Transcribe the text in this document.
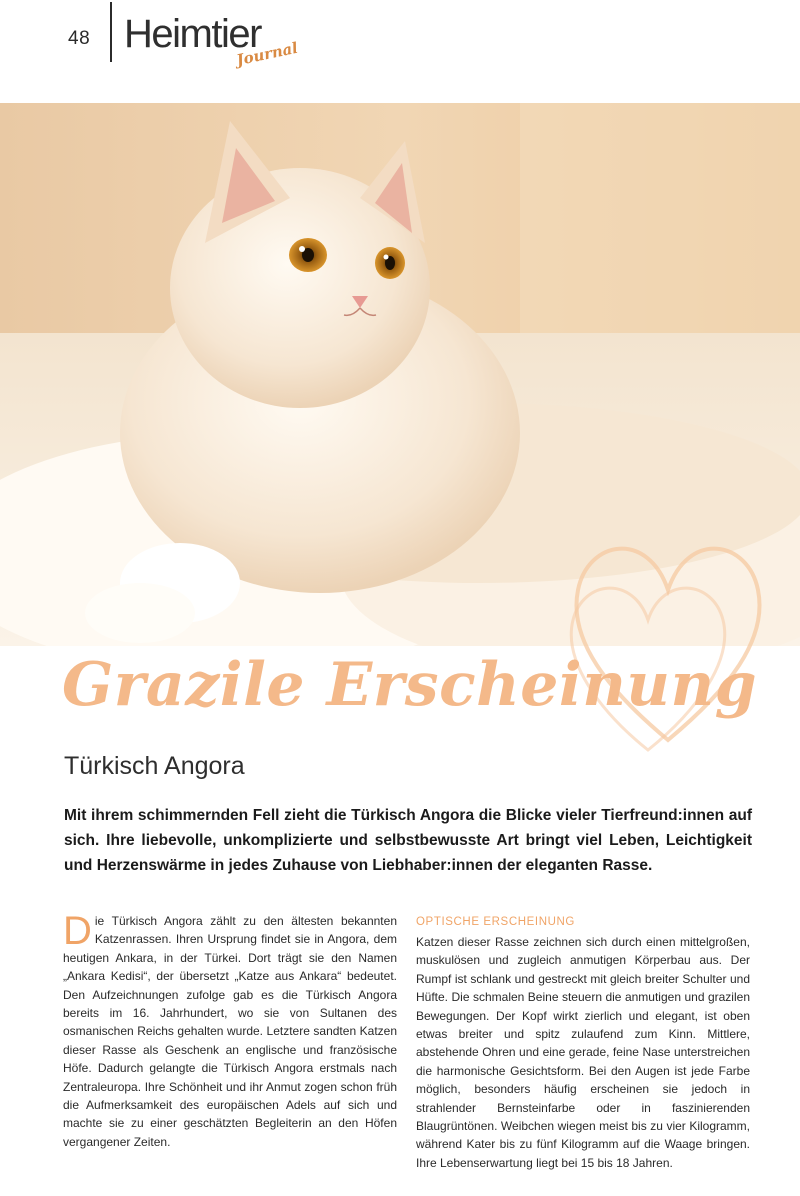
48 Heimtier
Journal
Grazile Erscheinung
Türkisch Angora
Mit ihrem schimmernden Fell zieht die Türkisch Angora die Blicke vieler Tierfreund:innen auf sich. Ihre liebevolle, unkomplizierte und selbstbewusste Art bringt viel Leben, Leichtigkeit und Herzenswärme in jedes Zuhause von Liebhaber:innen der eleganten Rasse.
D ie Türkisch Angora zählt zu den ältesten bekannten Katzenrassen. Ihren Ursprung findet sie in Angora, dem heutigen Ankara, in der Türkei. Dort trägt sie den Namen „Ankara Kedisi“, der übersetzt „Katze aus Ankara“ bedeutet. Den Aufzeichnungen zufolge gab es die Türkisch Angora bereits im 16. Jahrhundert, wo sie von Sultanen des osmanischen Reichs gehalten wurde. Letztere sandten Katzen dieser Rasse als Geschenk an englische und französische Höfe. Dadurch gelangte die Türkisch Angora erstmals nach Zentraleuropa. Ihre Schönheit und ihr Anmut zogen schon früh die Aufmerksamkeit des europäischen Adels auf sich und machte sie zu einer geschätzten Begleiterin an den Höfen vergangener Zeiten.
OPTISCHE ERSCHEINUNG
Katzen dieser Rasse zeichnen sich durch einen mittelgroßen, muskulösen und zugleich anmutigen Körperbau aus. Der Rumpf ist schlank und gestreckt mit gleich breiter Schulter und Hüfte. Die schmalen Beine steuern die anmutigen und grazilen Bewegungen. Der Kopf wirkt zierlich und elegant, ist oben etwas breiter und spitz zulaufend zum Kinn. Mittlere, abstehende Ohren und eine gerade, feine Nase unterstreichen die harmonische Gesichtsform. Bei den Augen ist jede Farbe möglich, besonders häufig erscheinen sie jedoch in strahlender Bernsteinfarbe oder in faszinierenden Blaugrüntönen. Weibchen wiegen meist bis zu vier Kilogramm, während Kater bis zu fünf Kilogramm auf die Waage bringen. Ihre Lebenserwartung liegt bei 15 bis 18 Jahren.
